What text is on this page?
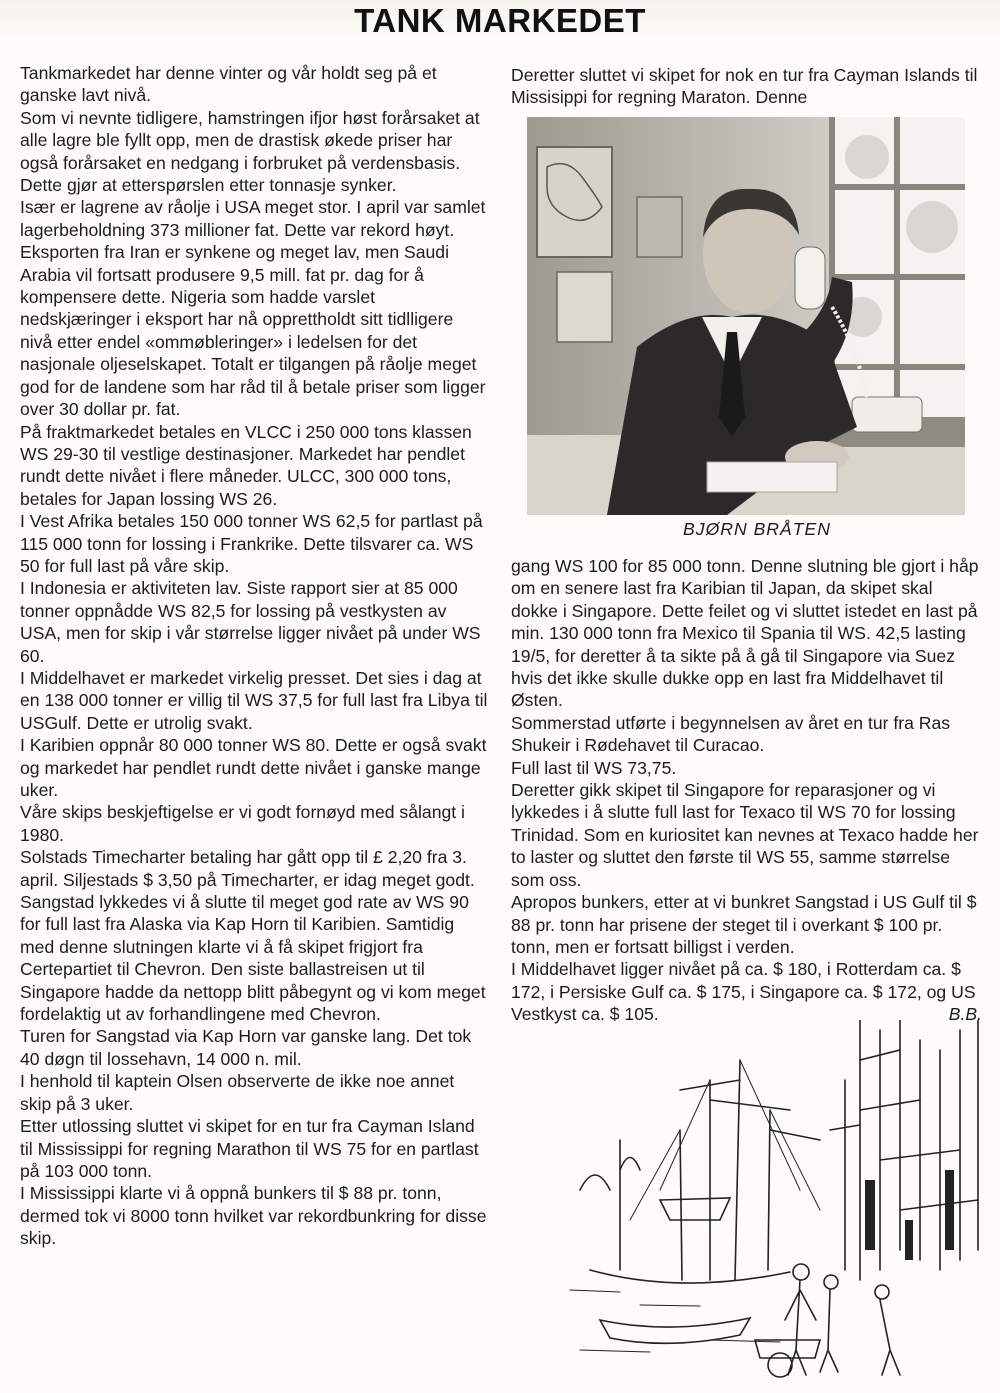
TANK MARKEDET

Tankmarkedet har denne vinter og vår holdt seg på et ganske lavt nivå.

Som vi nevnte tidligere, hamstringen ifjor høst forårsaket at alle lagre ble fyllt opp, men de drastisk økede priser har også forårsaket en nedgang i forbruket på verdensbasis. Dette gjør at etterspørslen etter tonnasje synker.

Især er lagrene av råolje i USA meget stor. I april var samlet lagerbeholdning 373 millioner fat. Dette var rekord høyt.

Eksporten fra Iran er synkene og meget lav, men Saudi Arabia vil fortsatt produsere 9,5 mill. fat pr. dag for å kompensere dette. Nigeria som hadde varslet nedskjæringer i eksport har nå opprettholdt sitt tidlligere nivå etter endel «ommøbleringer» i ledelsen for det nasjonale oljeselskapet. Totalt er tilgangen på råolje meget god for de landene som har råd til å betale priser som ligger over 30 dollar pr. fat.

På fraktmarkedet betales en VLCC i 250 000 tons klassen WS 29-30 til vestlige destinasjoner. Markedet har pendlet rundt dette nivået i flere måneder. ULCC, 300 000 tons, betales for Japan lossing WS 26.

I Vest Afrika betales 150 000 tonner WS 62,5 for partlast på 115 000 tonn for lossing i Frankrike. Dette tilsvarer ca. WS 50 for full last på våre skip.

I Indonesia er aktiviteten lav. Siste rapport sier at 85 000 tonner oppnådde WS 82,5 for lossing på vestkysten av USA, men for skip i vår størrelse ligger nivået på under WS 60.

I Middelhavet er markedet virkelig presset. Det sies i dag at en 138 000 tonner er villig til WS 37,5 for full last fra Libya til USGulf. Dette er utrolig svakt.

I Karibien oppnår 80 000 tonner WS 80. Dette er også svakt og markedet har pendlet rundt dette nivået i ganske mange uker.

Våre skips beskjeftigelse er vi godt fornøyd med sålangt i 1980.

Solstads Timecharter betaling har gått opp til £ 2,20 fra 3. april. Siljestads $ 3,50 på Timecharter, er idag meget godt.

Sangstad lykkedes vi å slutte til meget god rate av WS 90 for full last fra Alaska via Kap Horn til Karibien. Samtidig med denne slutningen klarte vi å få skipet frigjort fra Certepartiet til Chevron. Den siste ballastreisen ut til Singapore hadde da nettopp blitt påbegynt og vi kom meget fordelaktig ut av forhandlingene med Chevron.

Turen for Sangstad via Kap Horn var ganske lang. Det tok 40 døgn til lossehavn, 14 000 n. mil.

I henhold til kaptein Olsen observerte de ikke noe annet skip på 3 uker.

Etter utlossing sluttet vi skipet for en tur fra Cayman Island til Mississippi for regning Marathon til WS 75 for en partlast på 103 000 tonn.

I Mississippi klarte vi å oppnå bunkers til $ 88 pr. tonn, dermed tok vi 8000 tonn hvilket var rekordbunkring for disse skip.

Deretter sluttet vi skipet for nok en tur fra Cayman Islands til Missisippi for regning Maraton. Denne

BJØRN BRÅTEN

gang WS 100 for 85 000 tonn. Denne slutning ble gjort i håp om en senere last fra Karibian til Japan, da skipet skal dokke i Singapore. Dette feilet og vi sluttet istedet en last på min. 130 000 tonn fra Mexico til Spania til WS. 42,5 lasting 19/5, for deretter å ta sikte på å gå til Singapore via Suez hvis det ikke skulle dukke opp en last fra Middelhavet til Østen.

Sommerstad utførte i begynnelsen av året en tur fra Ras Shukeir i Rødehavet til Curacao.

Full last til WS 73,75.

Deretter gikk skipet til Singapore for reparasjoner og vi lykkedes i å slutte full last for Texaco til WS 70 for lossing Trinidad. Som en kuriositet kan nevnes at Texaco hadde her to laster og sluttet den første til WS 55, samme størrelse som oss.

Apropos bunkers, etter at vi bunkret Sangstad i US Gulf til $ 88 pr. tonn har prisene der steget til i overkant $ 100 pr. tonn, men er fortsatt billigst i verden.

I Middelhavet ligger nivået på ca. $ 180, i Rotterdam ca. $ 172, i Persiske Gulf ca. $ 175, i Singapore ca. $ 172, og US Vestkyst ca. $ 105.	B.B.
